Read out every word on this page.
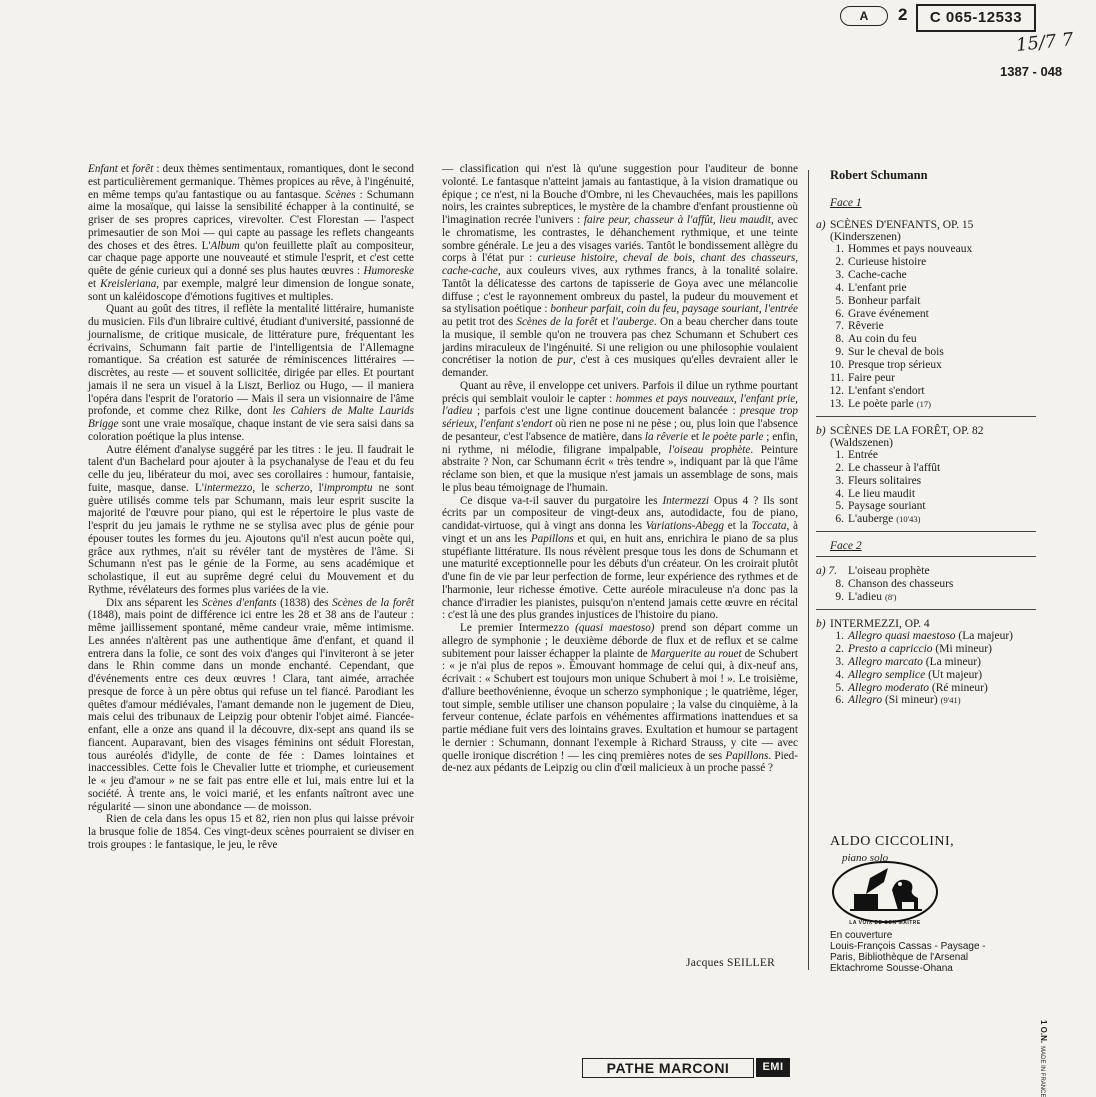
A	2	C 065-12533
15/7 7
1387 - 048

Enfant et forêt : deux thèmes sentimentaux, romantiques, dont le second est particulièrement germanique. Thèmes propices au rêve, à l'ingénuité, en même temps qu'au fantastique ou au fantasque. Scènes : Schumann aime la mosaïque, qui laisse la sensibilité échapper à la continuité, se griser de ses propres caprices, virevolter. C'est Florestan — l'aspect primesautier de son Moi — qui capte au passage les reflets changeants des choses et des êtres. L'Album qu'on feuillette plaît au compositeur, car chaque page apporte une nouveauté et stimule l'esprit, et c'est cette quête de génie curieux qui a donné ses plus hautes œuvres : Humoreske et Kreisleriana, par exemple, malgré leur dimension de longue sonate, sont un kaléidoscope d'émotions fugitives et multiples.

Quant au goût des titres, il reflète la mentalité littéraire, humaniste du musicien. Fils d'un libraire cultivé, étudiant d'université, passionné de journalisme, de critique musicale, de littérature pure, fréquentant les écrivains, Schumann fait partie de l'intelligentsia de l'Allemagne romantique. Sa création est saturée de réminiscences littéraires — discrètes, au reste — et souvent sollicitée, dirigée par elles. Et pourtant jamais il ne sera un visuel à la Liszt, Berlioz ou Hugo, — il maniera l'opéra dans l'esprit de l'oratorio — Mais il sera un visionnaire de l'âme profonde, et comme chez Rilke, dont les Cahiers de Malte Laurids Brigge sont une vraie mosaïque, chaque instant de vie sera saisi dans sa coloration poétique la plus intense.

Autre élément d'analyse suggéré par les titres : le jeu. Il faudrait le talent d'un Bachelard pour ajouter à la psychanalyse de l'eau et du feu celle du jeu, libérateur du moi, avec ses corollaires : humour, fantaisie, fuite, masque, danse. L'intermezzo, le scherzo, l'impromptu ne sont guère utilisés comme tels par Schumann, mais leur esprit suscite la majorité de l'œuvre pour piano, qui est le répertoire le plus vaste de l'esprit du jeu jamais le rythme ne se stylisa avec plus de génie pour épouser toutes les formes du jeu. Ajoutons qu'il n'est aucun poète qui, grâce aux rythmes, n'ait su révéler tant de mystères de l'âme. Si Schumann n'est pas le génie de la Forme, au sens académique et scholastique, il eut au suprême degré celui du Mouvement et du Rythme, révélateurs des formes plus variées de la vie.

Dix ans séparent les Scènes d'enfants (1838) des Scènes de la forêt (1848), mais point de différence ici entre les 28 et 38 ans de l'auteur : même jaillissement spontané, même candeur vraie, même intimisme. Les années n'altèrent pas une authentique âme d'enfant, et quand il entrera dans la folie, ce sont des voix d'anges qui l'inviteront à se jeter dans le Rhin comme dans un monde enchanté. Cependant, que d'événements entre ces deux œuvres ! Clara, tant aimée, arrachée presque de force à un père obtus qui refuse un tel fiancé. Parodiant les quêtes d'amour médiévales, l'amant demande non le jugement de Dieu, mais celui des tribunaux de Leipzig pour obtenir l'objet aimé. Fiancée-enfant, elle a onze ans quand il la découvre, dix-sept ans quand ils se fiancent. Auparavant, bien des visages féminins ont séduit Florestan, tous auréolés d'idylle, de conte de fée : Dames lointaines et inaccessibles. Cette fois le Chevalier lutte et triomphe, et curieusement le « jeu d'amour » ne se fait pas entre elle et lui, mais entre lui et la société. À trente ans, le voici marié, et les enfants naîtront avec une régularité — sinon une abondance — de moisson.

Rien de cela dans les opus 15 et 82, rien non plus qui laisse prévoir la brusque folie de 1854. Ces vingt-deux scènes pourraient se diviser en trois groupes : le fantasique, le jeu, le rêve

— classification qui n'est là qu'une suggestion pour l'auditeur de bonne volonté. Le fantasque n'atteint jamais au fantastique, à la vision dramatique ou épique ; ce n'est, ni la Bouche d'Ombre, ni les Chevauchées, mais les papillons noirs, les craintes subreptices, le mystère de la chambre d'enfant proustienne où l'imagination recrée l'univers : faire peur, chasseur à l'affût, lieu maudit, avec le chromatisme, les contrastes, le déhanchement rythmique, et une teinte sombre générale. Le jeu a des visages variés. Tantôt le bondissement allègre du corps à l'état pur : curieuse histoire, cheval de bois, chant des chasseurs, cache-cache, aux couleurs vives, aux rythmes francs, à la tonalité solaire. Tantôt la délicatesse des cartons de tapisserie de Goya avec une mélancolie diffuse ; c'est le rayonnement ombreux du pastel, la pudeur du mouvement et sa stylisation poétique : bonheur parfait, coin du feu, paysage souriant, l'entrée au petit trot des Scènes de la forêt et l'auberge. On a beau chercher dans toute la musique, il semble qu'on ne trouvera pas chez Schumann et Schubert ces jardins miraculeux de l'ingénuité. Si une religion ou une philosophie voulaient concrétiser la notion de pur, c'est à ces musiques qu'elles devraient aller le demander.

Quant au rêve, il enveloppe cet univers. Parfois il dilue un rythme pourtant précis qui semblait vouloir le capter : hommes et pays nouveaux, l'enfant prie, l'adieu ; parfois c'est une ligne continue doucement balancée : presque trop sérieux, l'enfant s'endort où rien ne pose ni ne pèse ; ou, plus loin que l'absence de pesanteur, c'est l'absence de matière, dans la rêverie et le poète parle ; enfin, ni rythme, ni mélodie, filigrane impalpable, l'oiseau prophète. Peinture abstraite ? Non, car Schumann écrit « très tendre », indiquant par là que l'âme réclame son bien, et que la musique n'est jamais un assemblage de sons, mais le plus beau témoignage de l'humain.

Ce disque va-t-il sauver du purgatoire les Intermezzi Opus 4 ? Ils sont écrits par un compositeur de vingt-deux ans, autodidacte, fou de piano, candidat-virtuose, qui à vingt ans donna les Variations-Abegg et la Toccata, à vingt et un ans les Papillons et qui, en huit ans, enrichira le piano de sa plus stupéfiante littérature. Ils nous révèlent presque tous les dons de Schumann et une maturité exceptionnelle pour les débuts d'un créateur. On les croirait plutôt d'une fin de vie par leur perfection de forme, leur expérience des rythmes et de l'harmonie, leur richesse émotive. Cette auréole miraculeuse n'a donc pas la chance d'irradier les pianistes, puisqu'on n'entend jamais cette œuvre en récital : c'est là une des plus grandes injustices de l'histoire du piano.

Le premier Intermezzo (quasi maestoso) prend son départ comme un allegro de symphonie ; le deuxième déborde de flux et de reflux et se calme subitement pour laisser échapper la plainte de Marguerite au rouet de Schubert : « je n'ai plus de repos ». Émouvant hommage de celui qui, à dix-neuf ans, écrivait : « Schubert est toujours mon unique Schubert à moi ! ». Le troisième, d'allure beethovénienne, évoque un scherzo symphonique ; le quatrième, léger, tout simple, semble utiliser une chanson populaire ; la valse du cinquième, à la ferveur contenue, éclate parfois en véhémentes affirmations inattendues et sa partie médiane fuit vers des lointains graves. Exultation et humour se partagent le dernier : Schumann, donnant l'exemple à Richard Strauss, y cite — avec quelle ironique discrétion ! — les cinq premières notes de ses Papillons. Pied-de-nez aux pédants de Leipzig ou clin d'œil malicieux à un proche passé ?

Jacques SEILLER
Robert Schumann
Face 1
a) SCÈNES D'ENFANTS, OP. 15
(Kinderszenen)
1. Hommes et pays nouveaux
2. Curieuse histoire
3. Cache-cache
4. L'enfant prie
5. Bonheur parfait
6. Grave événement
7. Rêverie
8. Au coin du feu
9. Sur le cheval de bois
10. Presque trop sérieux
11. Faire peur
12. L'enfant s'endort
13. Le poète parle (17)
b) SCÈNES DE LA FORÊT, OP. 82
(Waldszenen)
1. Entrée
2. Le chasseur à l'affût
3. Fleurs solitaires
4. Le lieu maudit
5. Paysage souriant
6. L'auberge (10'43)
Face 2
a) 7. L'oiseau prophète
8. Chanson des chasseurs
9. L'adieu (8')
b) INTERMEZZI, OP. 4
1. Allegro quasi maestoso (La majeur)
2. Presto a capriccio (Mi mineur)
3. Allegro marcato (La mineur)
4. Allegro semplice (Ut majeur)
5. Allegro moderato (Ré mineur)
6. Allegro (Si mineur) (9'41)
ALDO CICCOLINI,
piano solo
LA VOIX DE SON MAÎTRE
En couverture
Louis-François Cassas - Paysage -
Paris, Bibliothèque de l'Arsenal
Ektachrome Sousse-Ohana
PATHE MARCONI	EMI
1 O.N.MADE IN FRANCE
